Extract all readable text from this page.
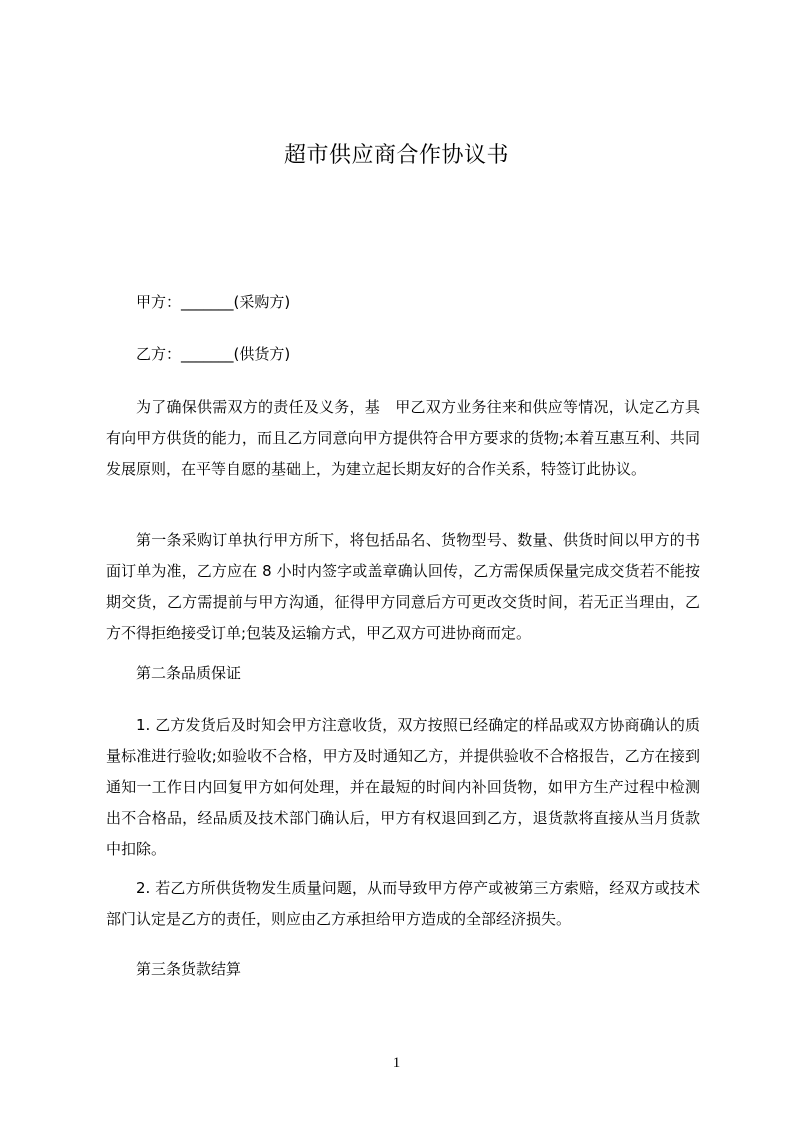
超市供应商合作协议书

甲方：_______(采购方)

乙方：_______(供货方)

为了确保供需双方的责任及义务，基　甲乙双方业务往来和供应等情况，认定乙方具有向甲方供货的能力，而且乙方同意向甲方提供符合甲方要求的货物;本着互惠互利、共同发展原则，在平等自愿的基础上，为建立起长期友好的合作关系，特签订此协议。

第一条采购订单执行甲方所下，将包括品名、货物型号、数量、供货时间以甲方的书面订单为准，乙方应在 8 小时内签字或盖章确认回传，乙方需保质保量完成交货若不能按期交货，乙方需提前与甲方沟通，征得甲方同意后方可更改交货时间，若无正当理由，乙方不得拒绝接受订单;包装及运输方式，甲乙双方可进协商而定。

第二条品质保证

1. 乙方发货后及时知会甲方注意收货，双方按照已经确定的样品或双方协商确认的质量标准进行验收;如验收不合格，甲方及时通知乙方，并提供验收不合格报告，乙方在接到通知一工作日内回复甲方如何处理，并在最短的时间内补回货物，如甲方生产过程中检测出不合格品，经品质及技术部门确认后，甲方有权退回到乙方，退货款将直接从当月货款中扣除。

2. 若乙方所供货物发生质量问题，从而导致甲方停产或被第三方索赔，经双方或技术部门认定是乙方的责任，则应由乙方承担给甲方造成的全部经济损失。

第三条货款结算

1
